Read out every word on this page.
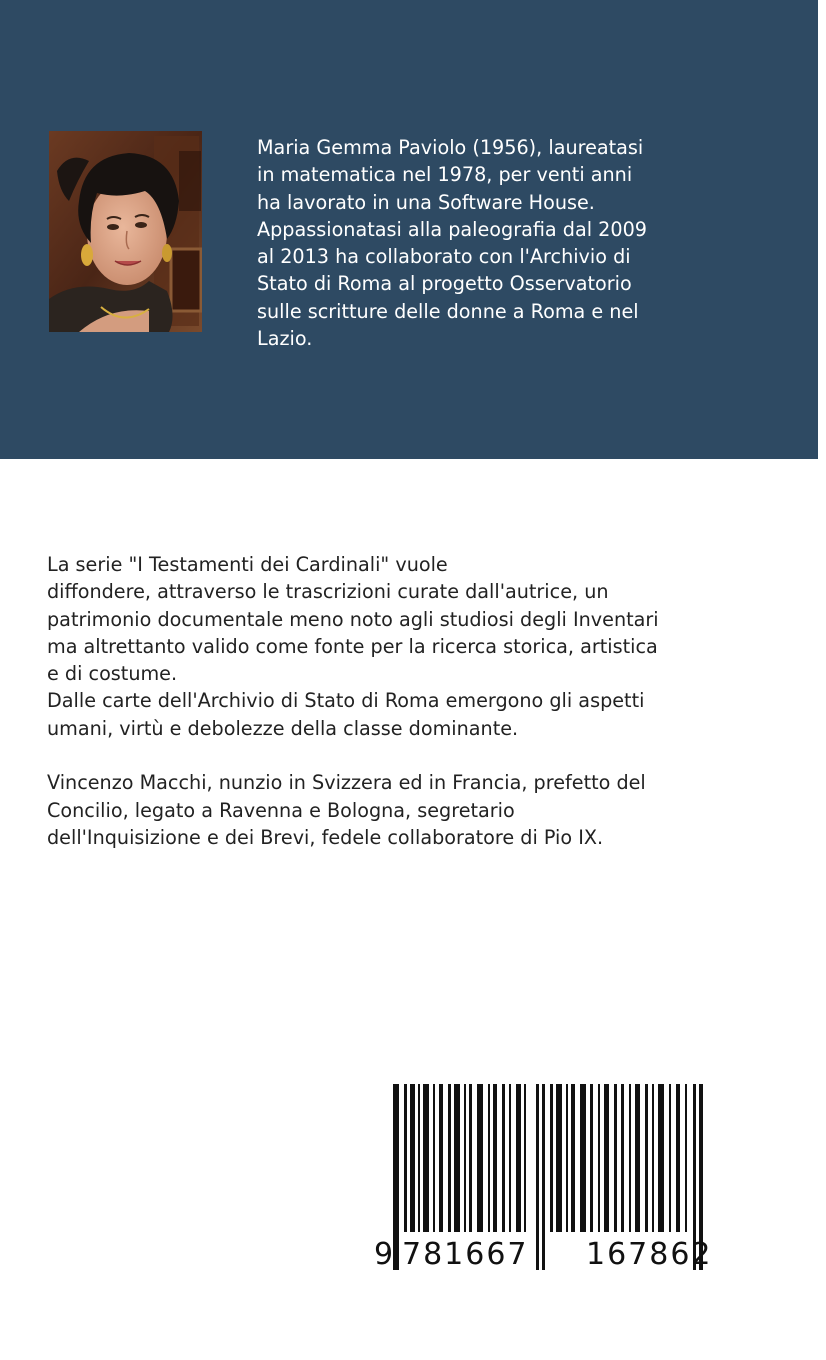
Maria Gemma Paviolo (1956), laureatasi
in matematica nel 1978, per venti anni
ha lavorato in una Software House.
Appassionatasi alla paleografia dal 2009
al 2013 ha collaborato con l'Archivio di
Stato di Roma al progetto Osservatorio
sulle scritture delle donne a Roma e nel
Lazio.

La serie "I Testamenti dei Cardinali" vuole
diffondere, attraverso le trascrizioni curate dall'autrice, un
patrimonio documentale meno noto agli studiosi degli Inventari
ma altrettanto valido come fonte per la ricerca storica, artistica
e di costume.
Dalle carte dell'Archivio di Stato di Roma emergono gli aspetti
umani, virtù e debolezze della classe dominante.
Vincenzo Macchi, nunzio in Svizzera ed in Francia, prefetto del
Concilio, legato a Ravenna e Bologna, segretario
dell'Inquisizione e dei Brevi, fedele collaboratore di Pio IX.
9 781667 167862
